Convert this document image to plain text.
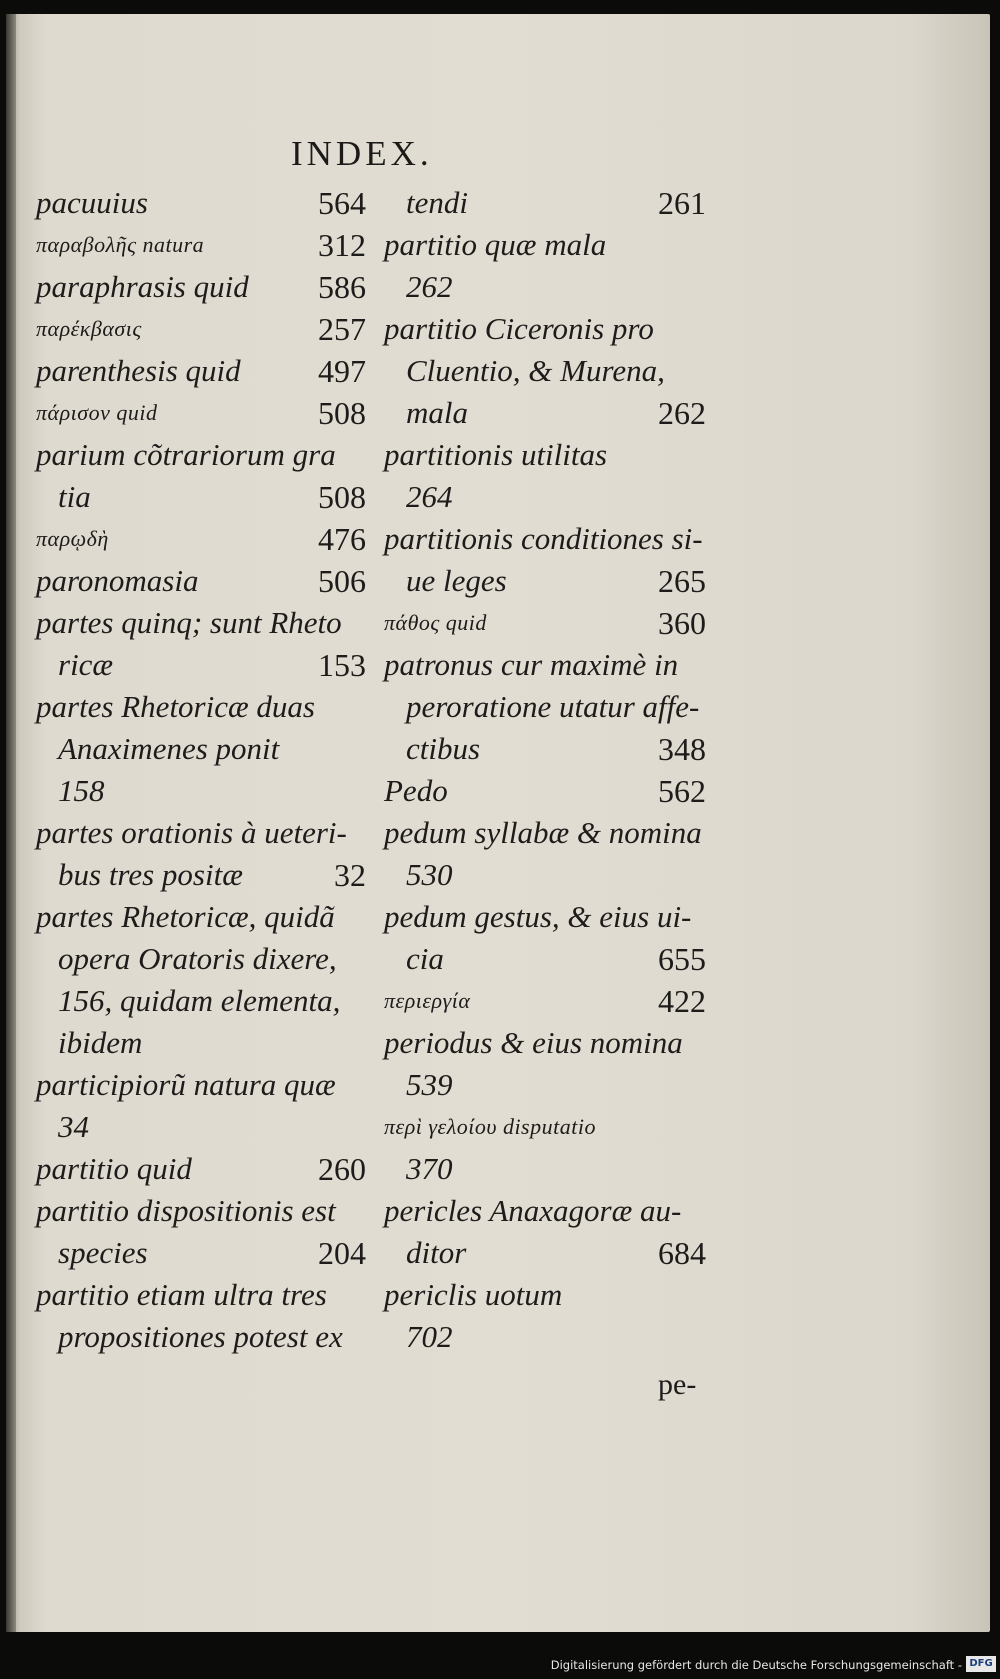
INDEX.
pacuuius	564
παραβολῆς natura	312
paraphrasis quid 586
παρέκβασις	257
parenthesis quid 497
πάρισον quid	508
parium cõtrariorum gra
tia	508
παρῳδὴ	476
paronomasia	506
partes quinq; sunt Rheto
ricæ	153
partes Rhetoricæ duas
Anaximenes ponit
158
partes orationis à ueteri-
bus tres positæ	32
partes Rhetoricæ, quidã
opera Oratoris dixere,
156, quidam elementa,
ibidem
participiorũ natura quæ
34
partitio quid	260
partitio dispositionis est
species	204
partitio etiam ultra tres
propositiones potest ex
tendi	261
partitio quæ mala
262
partitio Ciceronis pro
Cluentio, & Murena,
mala	262
partitionis utilitas
264
partitionis conditiones si-
ue leges	265
πάθος quid	360
patronus cur maximè in
peroratione utatur affe-
ctibus	348
Pedo	562
pedum syllabæ & nomina
530
pedum gestus, & eius ui-
cia	655
περιεργία	422
periodus & eius nomina
539
περὶ γελοίου disputatio
370
pericles Anaxagoræ au-
ditor	684
periclis uotum
702
pe-
Digitalisierung gefördert durch die Deutsche Forschungsgemeinschaft - DFG
